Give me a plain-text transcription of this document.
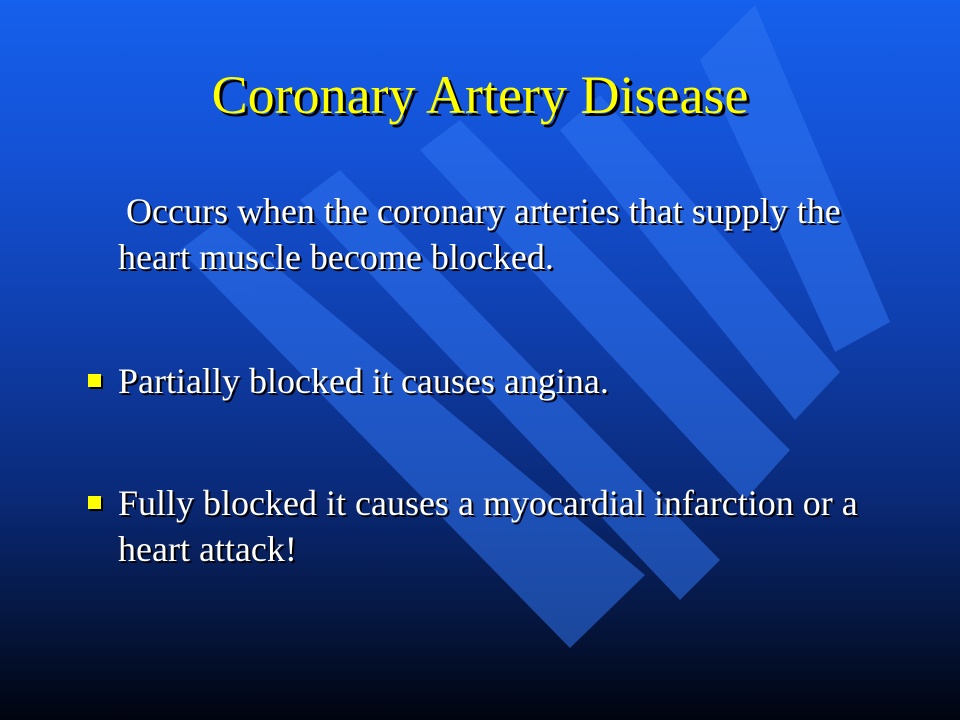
Coronary Artery Disease

Occurs when the coronary arteries that supply the heart muscle become blocked.

Partially blocked it causes angina.
Fully blocked it causes a myocardial infarction or a heart attack!
